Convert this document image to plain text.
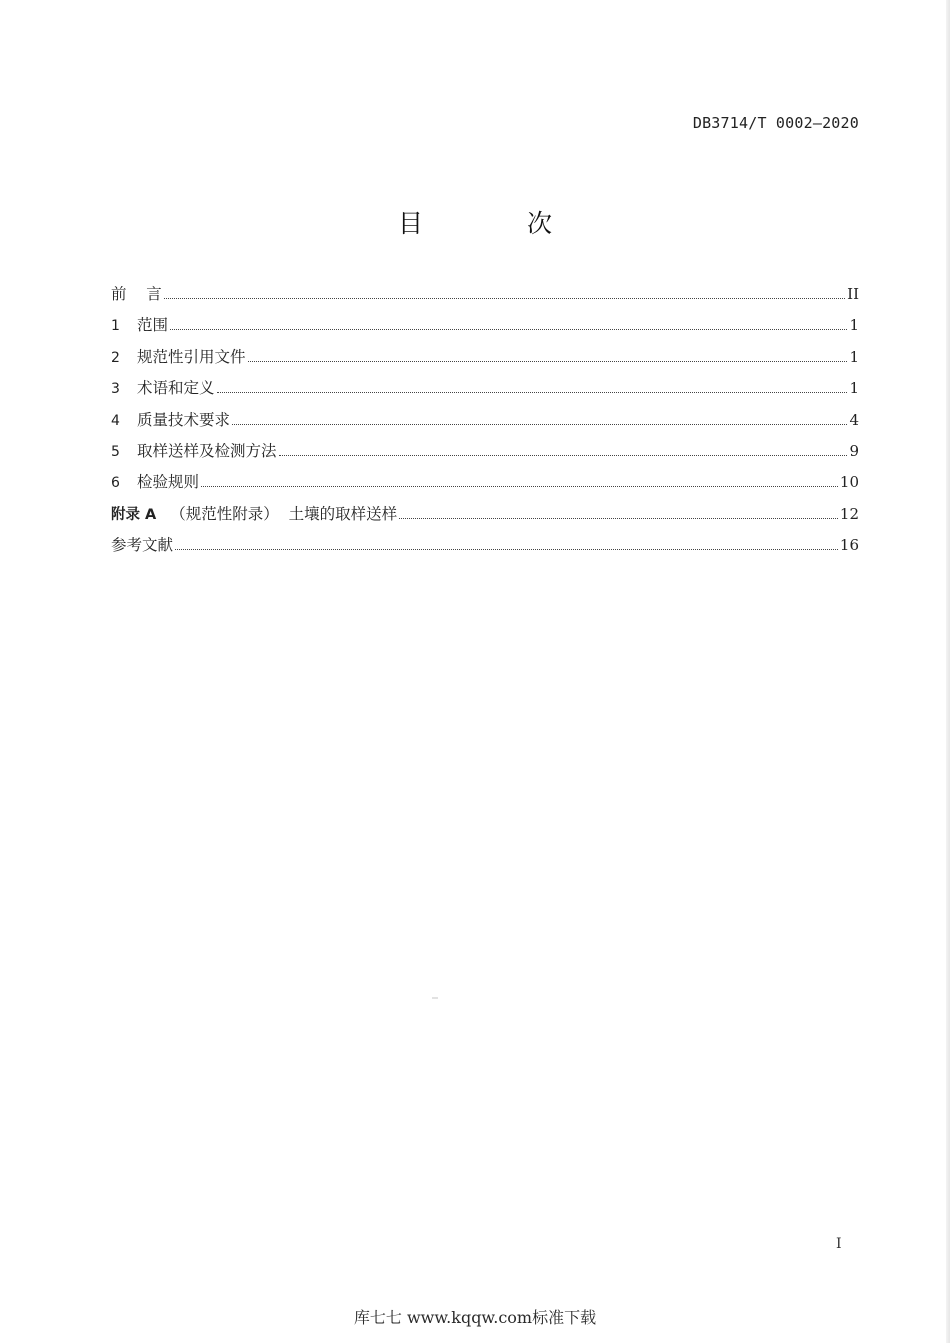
DB3714/T 0002—2020
目 次
前    言	II
1	范围	1
2	规范性引用文件	1
3	术语和定义	1
4	质量技术要求	4
5	取样送样及检测方法	9
6	检验规则	10
附录 A （规范性附录）  土壤的取样送样	12
参考文献	16
I
库七七 www.kqqw.com标准下载
